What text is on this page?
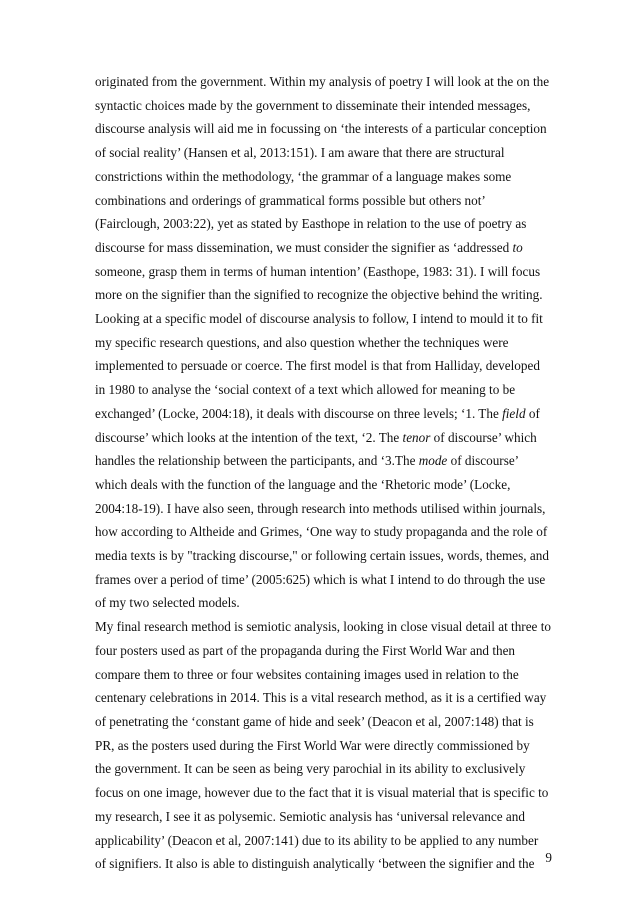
originated from the government. Within my analysis of poetry I will look at the on the
syntactic choices made by the government to disseminate their intended messages,
discourse analysis will aid me in focussing on ‘the interests of a particular conception
of social reality’ (Hansen et al, 2013:151). I am aware that there are structural
constrictions within the methodology, ‘the grammar of a language makes some
combinations and orderings of grammatical forms possible but others not’
(Fairclough, 2003:22), yet as stated by Easthope in relation to the use of poetry as
discourse for mass dissemination, we must consider the signifier as ‘addressed to
someone, grasp them in terms of human intention’ (Easthope, 1983: 31). I will focus
more on the signifier than the signified to recognize the objective behind the writing.
Looking at a specific model of discourse analysis to follow, I intend to mould it to fit
my specific research questions, and also question whether the techniques were
implemented to persuade or coerce. The first model is that from Halliday, developed
in 1980 to analyse the ‘social context of a text which allowed for meaning to be
exchanged’ (Locke, 2004:18), it deals with discourse on three levels; ‘1. The field of
discourse’ which looks at the intention of the text, ‘2. The tenor of discourse’ which
handles the relationship between the participants, and ‘3.The mode of discourse’
which deals with the function of the language and the ‘Rhetoric mode’ (Locke,
2004:18-19). I have also seen, through research into methods utilised within journals,
how according to Altheide and Grimes, ‘One way to study propaganda and the role of
media texts is by "tracking discourse," or following certain issues, words, themes, and
frames over a period of time’ (2005:625) which is what I intend to do through the use
of my two selected models.
My final research method is semiotic analysis, looking in close visual detail at three to
four posters used as part of the propaganda during the First World War and then
compare them to three or four websites containing images used in relation to the
centenary celebrations in 2014. This is a vital research method, as it is a certified way
of penetrating the ‘constant game of hide and seek’ (Deacon et al, 2007:148) that is
PR, as the posters used during the First World War were directly commissioned by
the government. It can be seen as being very parochial in its ability to exclusively
focus on one image, however due to the fact that it is visual material that is specific to
my research, I see it as polysemic. Semiotic analysis has ‘universal relevance and
applicability’ (Deacon et al, 2007:141) due to its ability to be applied to any number
of signifiers. It also is able to distinguish analytically ‘between the signifier and the 9
